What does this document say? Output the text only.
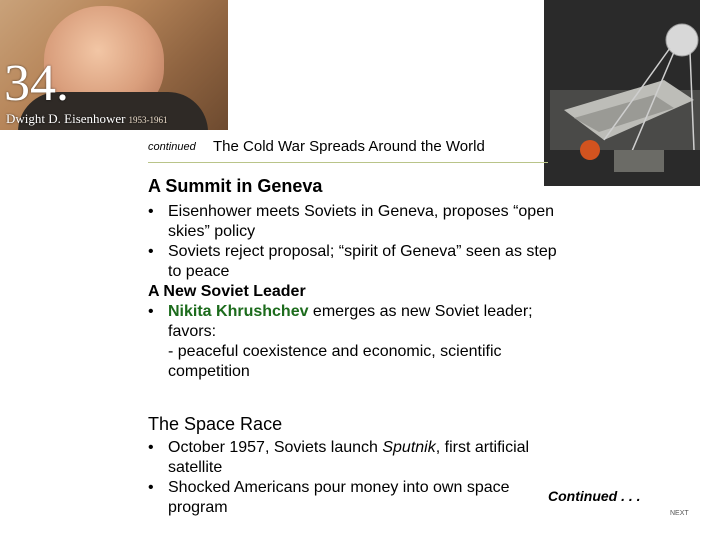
34.
Dwight D. Eisenhower 1953-1961
continued The Cold War Spreads Around the World
A Summit in Geneva
• Eisenhower meets Soviets in Geneva, proposes “open skies” policy
• Soviets reject proposal; “spirit of Geneva” seen as step to peace
A New Soviet Leader
• Nikita Khrushchev emerges as new Soviet leader; favors:
- peaceful coexistence and economic, scientific competition
The Space Race
• October 1957, Soviets launch Sputnik, first artificial satellite
• Shocked Americans pour money into own space program
Continued . . .
NEXT
